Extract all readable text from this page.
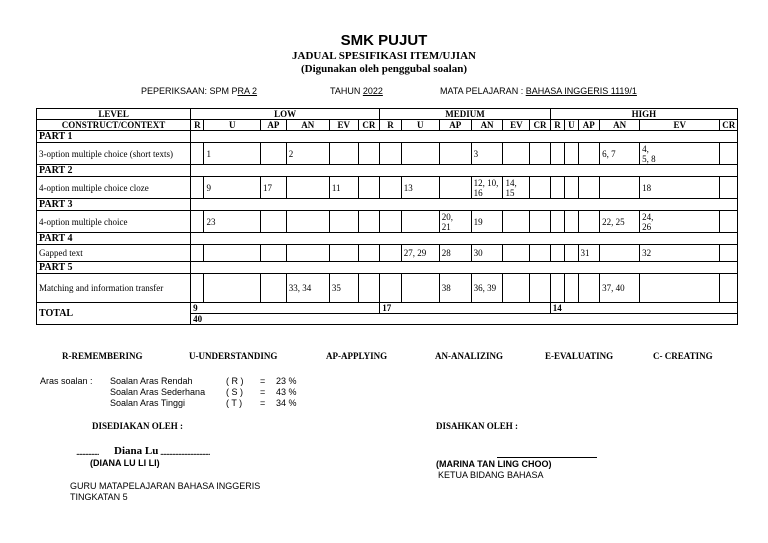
SMK PUJUT
JADUAL SPESIFIKASI ITEM/UJIAN
(Digunakan oleh penggubal soalan)
PEPERIKSAAN: SPM PRA 2	TAHUN 2022	MATA PELAJARAN : BAHASA INGGERIS 1119/1
LEVEL	LOW						MEDIUM						HIGH					
CONSTRUCT/CONTEXT	R	U	AP	AN	EV	CR	R	U	AP	AN	EV	CR	R	U	AP	AN	EV	CR
PART 1																		
3-option multiple choice (short texts)		1		2						3						6, 7	4,
5, 8	
PART 2																		
4-option multiple choice cloze		9	17		11			13		12, 10,
16	14,
15						18	
PART 3																		
4-option multiple choice		23							20,
21	19						22, 25	24,
26	
PART 4																		
Gapped text								27, 29	28	30					31		32	
PART 5																		
Matching and information transfer				33, 34	35				38	36, 39						37, 40		
TOTAL	9						17						14					
	40																	
R-REMEMBERING	U-UNDERSTANDING	AP-APPLYING	AN-ANALIZING	E-EVALUATING	C- CREATING
Aras soalan : Soalan Aras Rendah	( R ) = 23 %
Soalan Aras Sederhana ( S ) = 43 %
Soalan Aras Tinggi	( T ) = 34 %
DISEDIAKAN OLEH :
............... Diana Lu .................................
(DIANA LU LI LI)
GURU MATAPELAJARAN BAHASA INGGERIS
TINGKATAN 5
DISAHKAN OLEH :
(MARINA TAN LING CHOO)
KETUA BIDANG BAHASA
